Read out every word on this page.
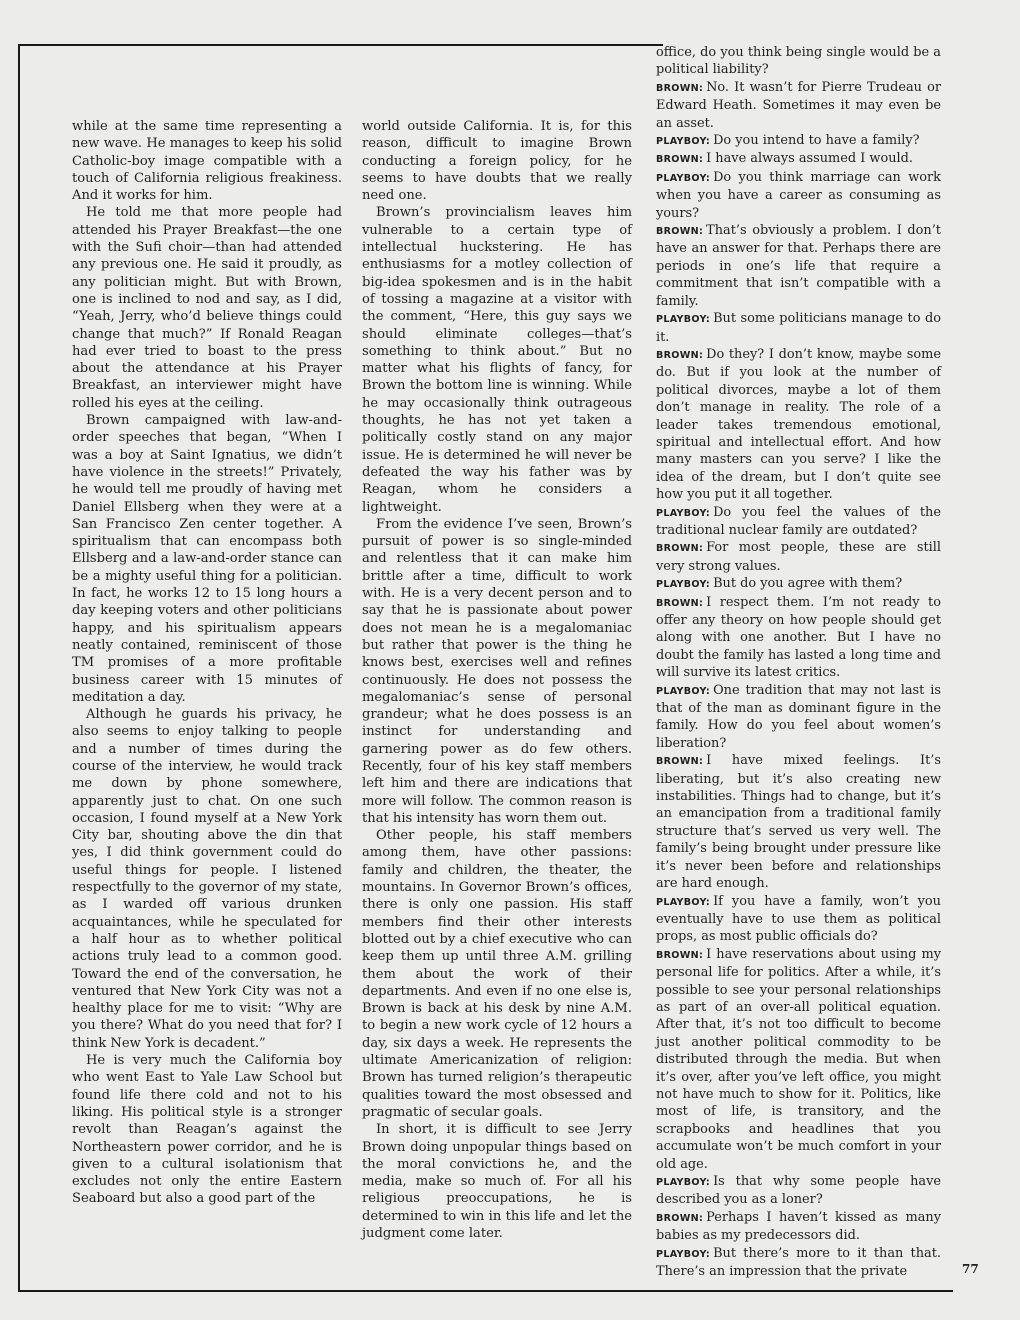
while at the same time representing a new wave. He manages to keep his solid Catholic-boy image compatible with a touch of California religious freakiness. And it works for him.

He told me that more people had attended his Prayer Breakfast—the one with the Sufi choir—than had attended any previous one. He said it proudly, as any politician might. But with Brown, one is inclined to nod and say, as I did, “Yeah, Jerry, who’d believe things could change that much?” If Ronald Reagan had ever tried to boast to the press about the attendance at his Prayer Breakfast, an interviewer might have rolled his eyes at the ceiling.

Brown campaigned with law-and-order speeches that began, “When I was a boy at Saint Ignatius, we didn’t have violence in the streets!” Privately, he would tell me proudly of having met Daniel Ellsberg when they were at a San Francisco Zen center together. A spiritualism that can encompass both Ellsberg and a law-and-order stance can be a mighty useful thing for a politician. In fact, he works 12 to 15 long hours a day keeping voters and other politicians happy, and his spiritualism appears neatly contained, reminiscent of those TM promises of a more profitable business career with 15 minutes of meditation a day.

Although he guards his privacy, he also seems to enjoy talking to people and a number of times during the course of the interview, he would track me down by phone somewhere, apparently just to chat. On one such occasion, I found myself at a New York City bar, shouting above the din that yes, I did think government could do useful things for people. I listened respectfully to the governor of my state, as I warded off various drunken acquaintances, while he speculated for a half hour as to whether political actions truly lead to a common good. Toward the end of the conversation, he ventured that New York City was not a healthy place for me to visit: “Why are you there? What do you need that for? I think New York is decadent.”

He is very much the California boy who went East to Yale Law School but found life there cold and not to his liking. His political style is a stronger revolt than Reagan’s against the Northeastern power corridor, and he is given to a cultural isolationism that excludes not only the entire Eastern Seaboard but also a good part of the

world outside California. It is, for this reason, difficult to imagine Brown conducting a foreign policy, for he seems to have doubts that we really need one.

Brown’s provincialism leaves him vulnerable to a certain type of intellectual huckstering. He has enthusiasms for a motley collection of big-idea spokesmen and is in the habit of tossing a magazine at a visitor with the comment, “Here, this guy says we should eliminate colleges—that’s something to think about.” But no matter what his flights of fancy, for Brown the bottom line is winning. While he may occasionally think outrageous thoughts, he has not yet taken a politically costly stand on any major issue. He is determined he will never be defeated the way his father was by Reagan, whom he considers a lightweight.

From the evidence I’ve seen, Brown’s pursuit of power is so single-minded and relentless that it can make him brittle after a time, difficult to work with. He is a very decent person and to say that he is passionate about power does not mean he is a megalomaniac but rather that power is the thing he knows best, exercises well and refines continuously. He does not possess the megalomaniac’s sense of personal grandeur; what he does possess is an instinct for understanding and garnering power as do few others. Recently, four of his key staff members left him and there are indications that more will follow. The common reason is that his intensity has worn them out.

Other people, his staff members among them, have other passions: family and children, the theater, the mountains. In Governor Brown’s offices, there is only one passion. His staff members find their other interests blotted out by a chief executive who can keep them up until three A.M. grilling them about the work of their departments. And even if no one else is, Brown is back at his desk by nine A.M. to begin a new work cycle of 12 hours a day, six days a week. He represents the ultimate Americanization of religion: Brown has turned religion’s therapeutic qualities toward the most obsessed and pragmatic of secular goals.

In short, it is difficult to see Jerry Brown doing unpopular things based on the moral convictions he, and the media, make so much of. For all his religious preoccupations, he is determined to win in this life and let the judgment come later.

office, do you think being single would be a political liability?

BROWN: No. It wasn’t for Pierre Trudeau or Edward Heath. Sometimes it may even be an asset.

PLAYBOY: Do you intend to have a family?

BROWN: I have always assumed I would.

PLAYBOY: Do you think marriage can work when you have a career as consuming as yours?

BROWN: That’s obviously a problem. I don’t have an answer for that. Perhaps there are periods in one’s life that require a commitment that isn’t compatible with a family.

PLAYBOY: But some politicians manage to do it.

BROWN: Do they? I don’t know, maybe some do. But if you look at the number of political divorces, maybe a lot of them don’t manage in reality. The role of a leader takes tremendous emotional, spiritual and intellectual effort. And how many masters can you serve? I like the idea of the dream, but I don’t quite see how you put it all together.

PLAYBOY: Do you feel the values of the traditional nuclear family are outdated?

BROWN: For most people, these are still very strong values.

PLAYBOY: But do you agree with them?

BROWN: I respect them. I’m not ready to offer any theory on how people should get along with one another. But I have no doubt the family has lasted a long time and will survive its latest critics.

PLAYBOY: One tradition that may not last is that of the man as dominant figure in the family. How do you feel about women’s liberation?

BROWN: I have mixed feelings. It’s liberating, but it’s also creating new instabilities. Things had to change, but it’s an emancipation from a traditional family structure that’s served us very well. The family’s being brought under pressure like it’s never been before and relationships are hard enough.

PLAYBOY: If you have a family, won’t you eventually have to use them as political props, as most public officials do?

BROWN: I have reservations about using my personal life for politics. After a while, it’s possible to see your personal relationships as part of an over-all political equation. After that, it’s not too difficult to become just another political commodity to be distributed through the media. But when it’s over, after you’ve left office, you might not have much to show for it. Politics, like most of life, is transitory, and the scrapbooks and headlines that you accumulate won’t be much comfort in your old age.

PLAYBOY: Is that why some people have described you as a loner?

BROWN: Perhaps I haven’t kissed as many babies as my predecessors did.

PLAYBOY: But there’s more to it than that. There’s an impression that the private	77
